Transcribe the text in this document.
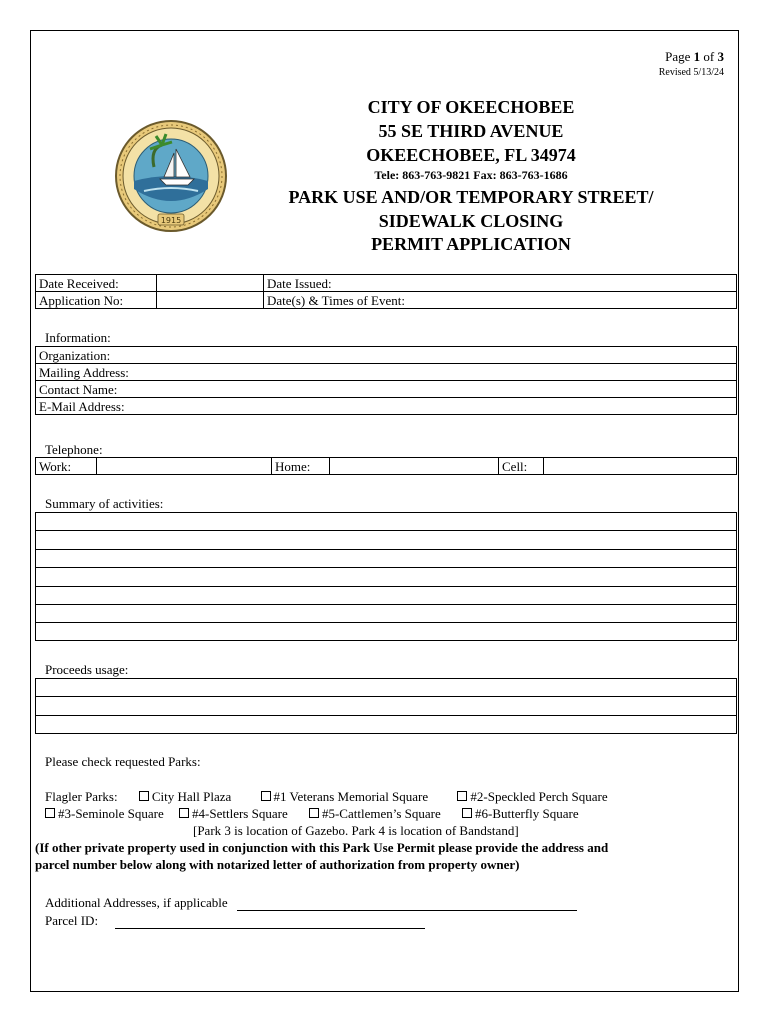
Page 1 of 3
Revised 5/13/24
1915
CITY OF OKEECHOBEE
55 SE THIRD AVENUE
OKEECHOBEE, FL 34974
Tele: 863-763-9821 Fax: 863-763-1686
PARK USE AND/OR TEMPORARY STREET/
SIDEWALK CLOSING
PERMIT APPLICATION
Date Received:		Date Issued:
Application No:		Date(s) & Times of Event:
Information:
Organization:
Mailing Address:
Contact Name:
E-Mail Address:
Telephone:
Work:		Home:		Cell:	
Summary of activities:
Proceeds usage:
Please check requested Parks:
Flagler Parks:	City Hall Plaza	#1 Veterans Memorial Square	#2-Speckled Perch Square
#3-Seminole Square #4-Settlers Square	#5-Cattlemen’s Square	#6-Butterfly Square
[Park 3 is location of Gazebo. Park 4 is location of Bandstand]
(If other private property used in conjunction with this Park Use Permit please provide the address and
parcel number below along with notarized letter of authorization from property owner)
Additional Addresses, if applicable
Parcel ID:
